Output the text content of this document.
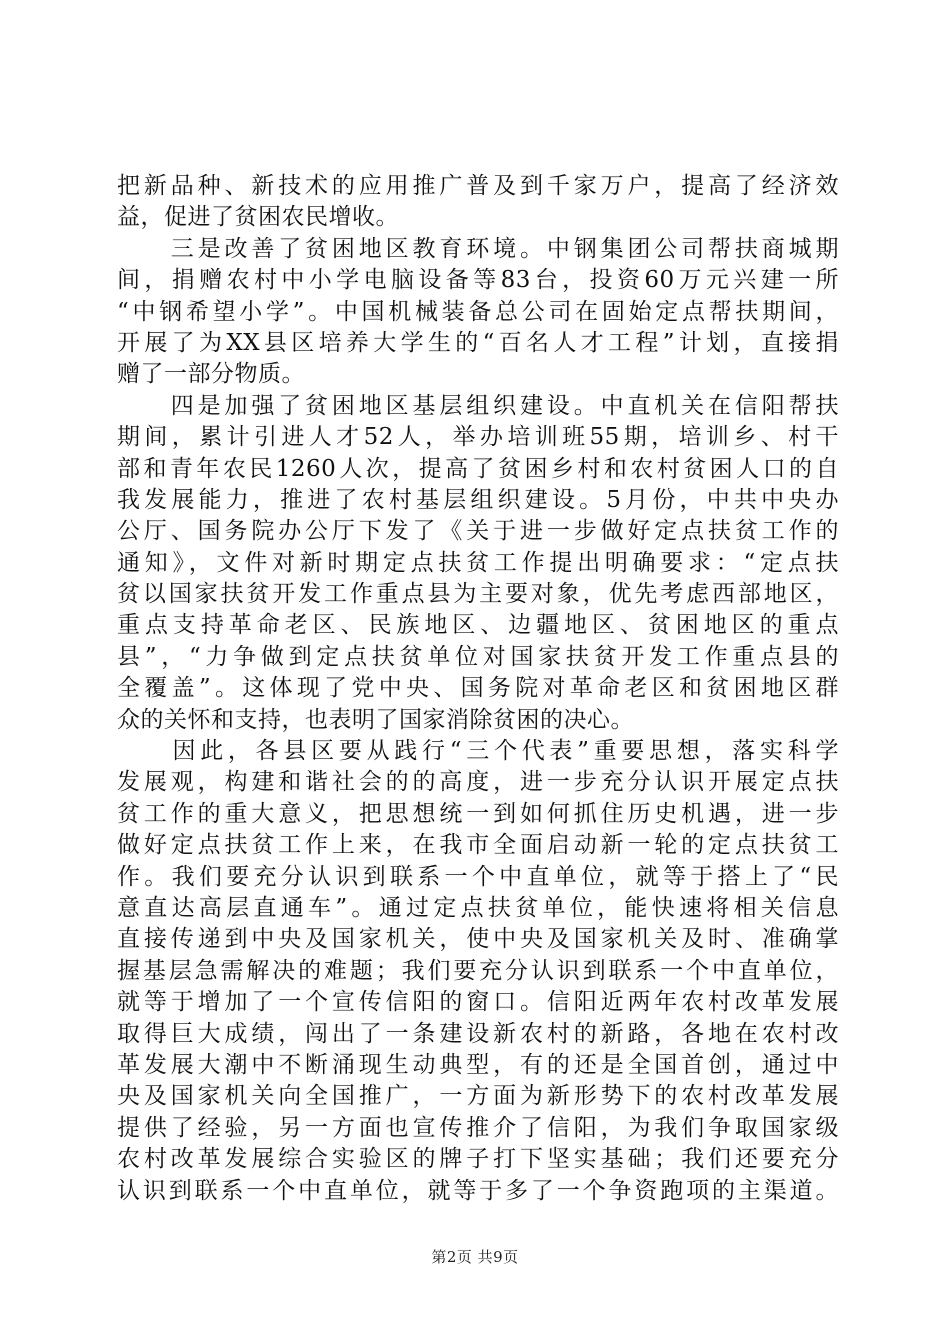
把新品种、新技术的应用推广普及到千家万户，提高了经济效
益，促进了贫困农民增收。
　　三是改善了贫困地区教育环境。中钢集团公司帮扶商城期
间，捐赠农村中小学电脑设备等83台，投资60万元兴建一所
“中钢希望小学”。中国机械装备总公司在固始定点帮扶期间，
开展了为XX县区培养大学生的“百名人才工程”计划，直接捐
赠了一部分物质。
　　四是加强了贫困地区基层组织建设。中直机关在信阳帮扶
期间，累计引进人才52人，举办培训班55期，培训乡、村干
部和青年农民1260人次，提高了贫困乡村和农村贫困人口的自
我发展能力，推进了农村基层组织建设。5月份，中共中央办
公厅、国务院办公厅下发了《关于进一步做好定点扶贫工作的
通知》，文件对新时期定点扶贫工作提出明确要求：“定点扶
贫以国家扶贫开发工作重点县为主要对象，优先考虑西部地区，
重点支持革命老区、民族地区、边疆地区、贫困地区的重点
县”，“力争做到定点扶贫单位对国家扶贫开发工作重点县的
全覆盖”。这体现了党中央、国务院对革命老区和贫困地区群
众的关怀和支持，也表明了国家消除贫困的决心。
　　因此，各县区要从践行“三个代表”重要思想，落实科学
发展观，构建和谐社会的的高度，进一步充分认识开展定点扶
贫工作的重大意义，把思想统一到如何抓住历史机遇，进一步
做好定点扶贫工作上来，在我市全面启动新一轮的定点扶贫工
作。我们要充分认识到联系一个中直单位，就等于搭上了“民
意直达高层直通车”。通过定点扶贫单位，能快速将相关信息
直接传递到中央及国家机关，使中央及国家机关及时、准确掌
握基层急需解决的难题；我们要充分认识到联系一个中直单位，
就等于增加了一个宣传信阳的窗口。信阳近两年农村改革发展
取得巨大成绩，闯出了一条建设新农村的新路，各地在农村改
革发展大潮中不断涌现生动典型，有的还是全国首创，通过中
央及国家机关向全国推广，一方面为新形势下的农村改革发展
提供了经验，另一方面也宣传推介了信阳，为我们争取国家级
农村改革发展综合实验区的牌子打下坚实基础；我们还要充分
认识到联系一个中直单位，就等于多了一个争资跑项的主渠道。
第2页 共9页
